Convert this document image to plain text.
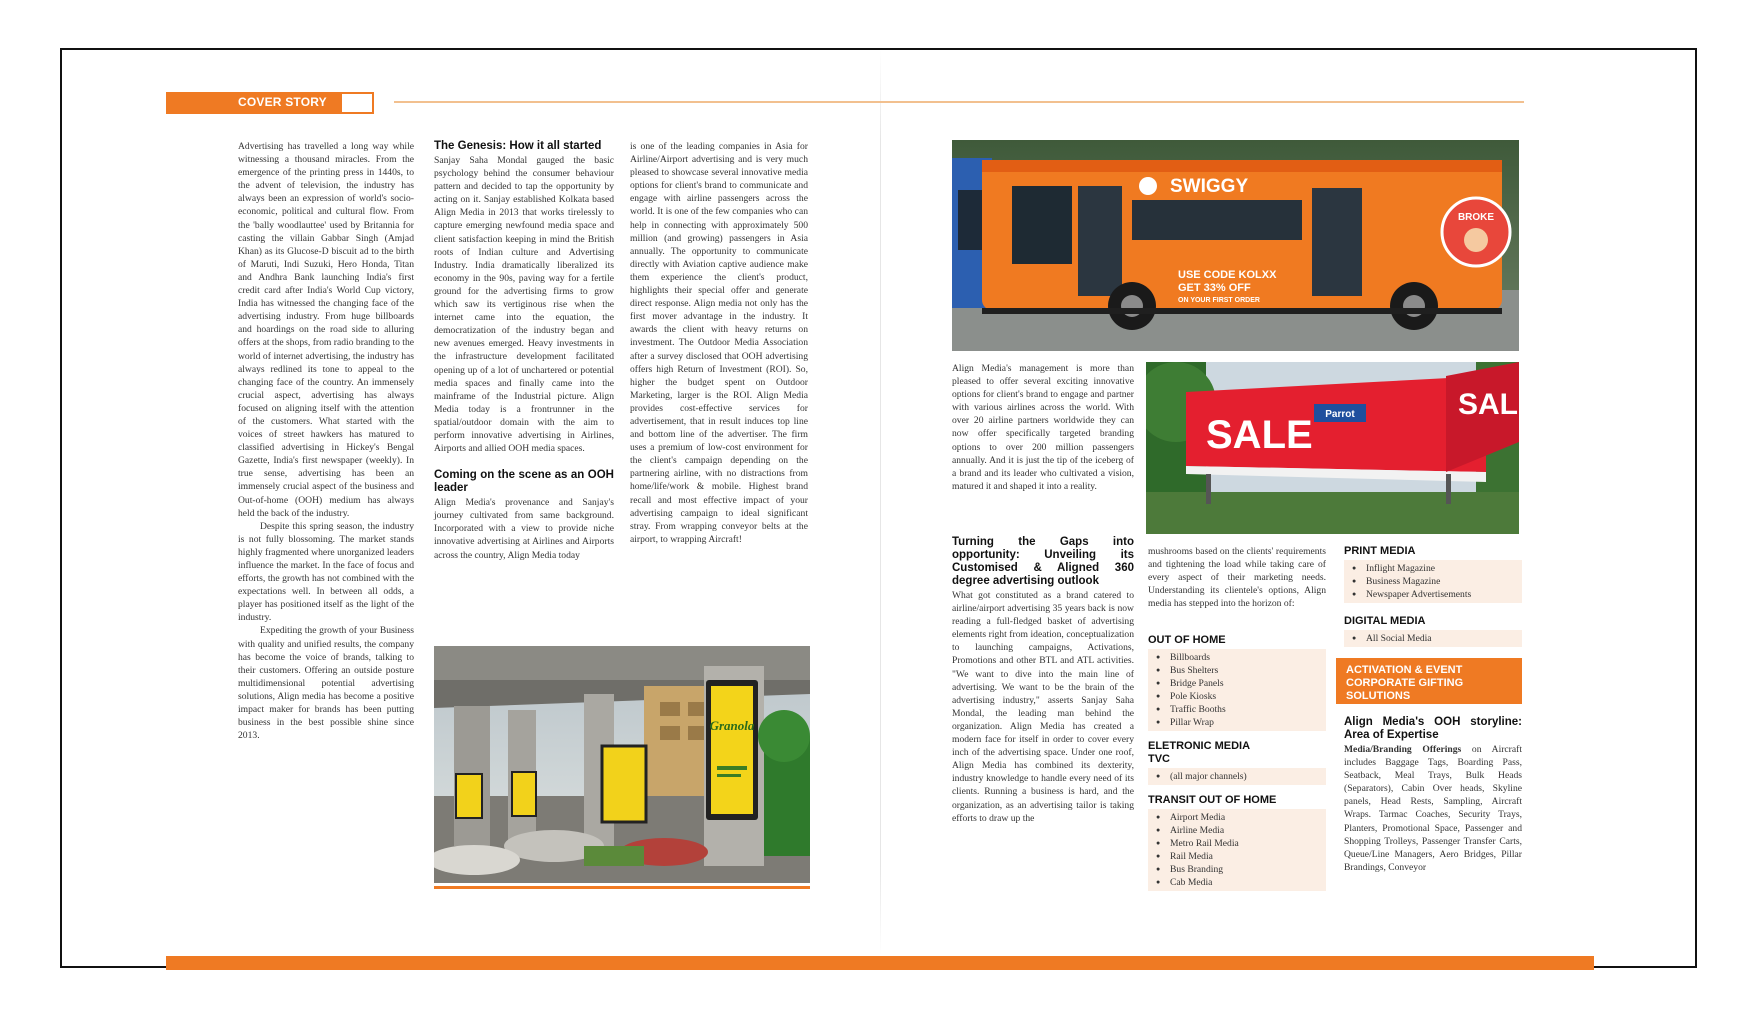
COVER STORY

Advertising has travelled a long way while witnessing a thousand miracles. From the emergence of the printing press in 1440s, to the advent of television, the industry has always been an expression of world's socio-economic, political and cultural flow. From the 'bally woodlauttee' used by Britannia for casting the villain Gabbar Singh (Amjad Khan) as its Glucose-D biscuit ad to the birth of Maruti, Indi Suzuki, Hero Honda, Titan and Andhra Bank launching India's first credit card after India's World Cup victory, India has witnessed the changing face of the advertising industry. From huge billboards and hoardings on the road side to alluring offers at the shops, from radio branding to the world of internet advertising, the industry has always redlined its tone to appeal to the changing face of the country. An immensely crucial aspect, advertising has always focused on aligning itself with the attention of the customers. What started with the voices of street hawkers has matured to classified advertising in Hickey's Bengal Gazette, India's first newspaper (weekly). In true sense, advertising has been an immensely crucial aspect of the business and Out-of-home (OOH) medium has always held the back of the industry.

Despite this spring season, the industry is not fully blossoming. The market stands highly fragmented where unorganized leaders influence the market. In the face of focus and efforts, the growth has not combined with the expectations well. In between all odds, a player has positioned itself as the light of the industry.

Expediting the growth of your Business with quality and unified results, the company has become the voice of brands, talking to their customers. Offering an outside posture multidimensional potential advertising solutions, Align media has become a positive impact maker for brands has been putting business in the best possible shine since 2013.

The Genesis: How it all started

Sanjay Saha Mondal gauged the basic psychology behind the consumer behaviour pattern and decided to tap the opportunity by acting on it. Sanjay established Kolkata based Align Media in 2013 that works tirelessly to capture emerging newfound media space and client satisfaction keeping in mind the British roots of Indian culture and Advertising Industry. India dramatically liberalized its economy in the 90s, paving way for a fertile ground for the advertising firms to grow which saw its vertiginous rise when the internet came into the equation, the democratization of the industry began and new avenues emerged. Heavy investments in the infrastructure development facilitated opening up of a lot of unchartered or potential media spaces and finally came into the mainframe of the Industrial picture. Align Media today is a frontrunner in the spatial/outdoor domain with the aim to perform innovative advertising in Airlines, Airports and allied OOH media spaces.

Coming on the scene as an OOH leader

Align Media's provenance and Sanjay's journey cultivated from same background. Incorporated with a view to provide niche innovative advertising at Airlines and Airports across the country, Align Media today

is one of the leading companies in Asia for Airline/Airport advertising and is very much pleased to showcase several innovative media options for client's brand to communicate and engage with airline passengers across the world. It is one of the few companies who can help in connecting with approximately 500 million (and growing) passengers in Asia annually. The opportunity to communicate directly with Aviation captive audience make them experience the client's product, highlights their special offer and generate direct response. Align media not only has the first mover advantage in the industry. It awards the client with heavy returns on investment. The Outdoor Media Association after a survey disclosed that OOH advertising offers high Return of Investment (ROI). So, higher the budget spent on Outdoor Marketing, larger is the ROI. Align Media provides cost-effective services for advertisement, that in result induces top line and bottom line of the advertiser. The firm uses a premium of low-cost environment for the client's campaign depending on the partnering airline, with no distractions from home/life/work & mobile. Highest brand recall and most effective impact of your advertising campaign to ideal significant stray. From wrapping conveyor belts at the airport, to wrapping Aircraft!

Granola
SWIGGY
USE CODE KOLXX
GET 33% OFF
ON YOUR FIRST ORDER
BROKE
SALE
SAL
Parrot

Align Media's management is more than pleased to offer several exciting innovative options for client's brand to engage and partner with various airlines across the world. With over 20 airline partners worldwide they can now offer specifically targeted branding options to over 200 million passengers annually. And it is just the tip of the iceberg of a brand and its leader who cultivated a vision, matured it and shaped it into a reality.

Turning the Gaps into opportunity: Unveiling its Customised & Aligned 360 degree advertising outlook

What got constituted as a brand catered to airline/airport advertising 35 years back is now reading a full-fledged basket of advertising elements right from ideation, conceptualization to launching campaigns, Activations, Promotions and other BTL and ATL activities. "We want to dive into the main line of advertising. We want to be the brain of the advertising industry," asserts Sanjay Saha Mondal, the leading man behind the organization. Align Media has created a modern face for itself in order to cover every inch of the advertising space. Under one roof, Align Media has combined its dexterity, industry knowledge to handle every need of its clients. Running a business is hard, and the organization, as an advertising tailor is taking efforts to draw up the

mushrooms based on the clients' requirements and tightening the load while taking care of every aspect of their marketing needs. Understanding its clientele's options, Align media has stepped into the horizon of:

OUT OF HOME
● Billboards
● Bus Shelters
● Bridge Panels
● Pole Kiosks
● Traffic Booths
● Pillar Wrap
ELETRONIC MEDIA
TVC
● (all major channels)
TRANSIT OUT OF HOME
● Airport Media
● Airline Media
● Metro Rail Media
● Rail Media
● Bus Branding
● Cab Media
PRINT MEDIA
● Inflight Magazine
● Business Magazine
● Newspaper Advertisements
DIGITAL MEDIA
● All Social Media
ACTIVATION & EVENT CORPORATE GIFTING SOLUTIONS
Align Media's OOH storyline: Area of Expertise

Media/Branding Offerings on Aircraft includes Baggage Tags, Boarding Pass, Seatback, Meal Trays, Bulk Heads (Separators), Cabin Over heads, Skyline panels, Head Rests, Sampling, Aircraft Wraps. Tarmac Coaches, Security Trays, Planters, Promotional Space, Passenger and Shopping Trolleys, Passenger Transfer Carts, Queue/Line Managers, Aero Bridges, Pillar Brandings, Conveyor
